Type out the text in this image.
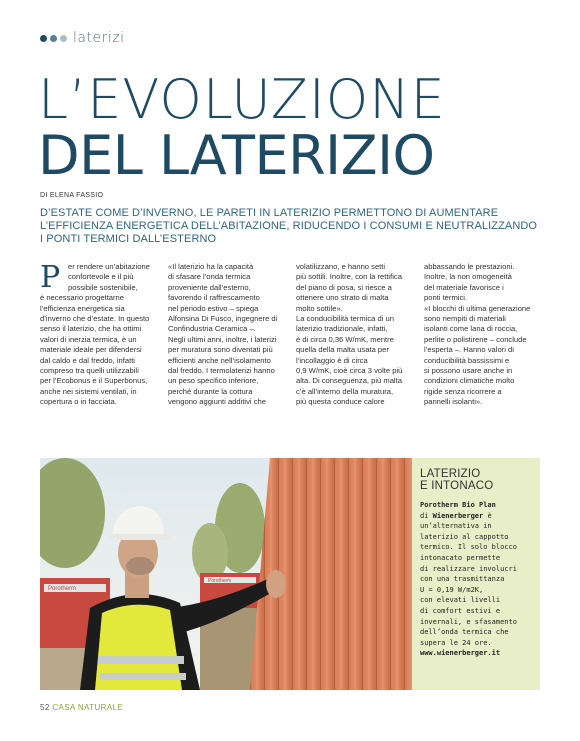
laterizi
L’EVOLUZIONE
DEL LATERIZIO
DI ELENA FASSIO

D’ESTATE COME D’INVERNO, LE PARETI IN LATERIZIO PERMETTONO DI AUMENTARE

L’EFFICIENZA ENERGETICA DELL’ABITAZIONE, RIDUCENDO I CONSUMI E NEUTRALIZZANDO

I PONTI TERMICI DALL’ESTERNO

P	er rendere un’abitazione

confortevole e il più

possibile sostenibile,

è necessario progettarne

l’efficienza energetica sia

d’inverno che d’estate. In questo

senso il laterizio, che ha ottimi

valori di inerzia termica, è un

materiale ideale per difendersi

dal caldo e dal freddo, infatti

compreso tra quelli utilizzabili

per l’Ecobonus e il Superbonus,

anche nei sistemi ventilati, in

copertura o in facciata.

«Il laterizio ha la capacità

di sfasare l’onda termica

proveniente dall’esterno,

favorendo il raffrescamento

nel periodo estivo – spiega

Alfonsina Di Fusco, ingegnere di

Confindustria Ceramica –.

Negli ultimi anni, inoltre, i laterizi

per muratura sono diventati più

efficienti anche nell’isolamento

dal freddo. I termolaterizi hanno

un peso specifico inferiore,

perché durante la cottura

vengono aggiunti additivi che

volatilizzano, e hanno setti

più sottili. Inoltre, con la rettifica

del piano di posa, si riesce a

ottenere uno strato di malta

molto sottile».

La conducibilità termica di un

laterizio tradizionale, infatti,

è di circa 0,36 W/mK, mentre

quella della malta usata per

l’incollaggio è di circa

0,9 W/mK, cioè circa 3 volte più

alta. Di conseguenza, più malta

c’è all’interno della muratura,

più questa conduce calore

abbassando le prestazioni.

Inoltre, la non omogeneità

del materiale favorisce i

ponti termici.

«I blocchi di ultima generazione

sono riempiti di materiali

isolanti come lana di roccia,

perlite o polistirene – conclude

l’esperta –. Hanno valori di

conducibilità bassissimi e

si possono usare anche in

condizioni climatiche molto

rigide senza ricorrere a

pannelli isolanti».

Porotherm
Porotherm
LATERIZIO
E INTONACO
Porotherm Bio Plan
di Wienerberger è
un’alternativa in
laterizio al cappotto
termico. Il solo blocco
intonacato permette
di realizzare involucri
con una trasmittanza
U = 0,19 W/m2K,
con elevati livelli
di comfort estivi e
invernali, e sfasamento
dell’onda termica che
supera le 24 ore.
www.wienerberger.it
52 CASA NATURALE
